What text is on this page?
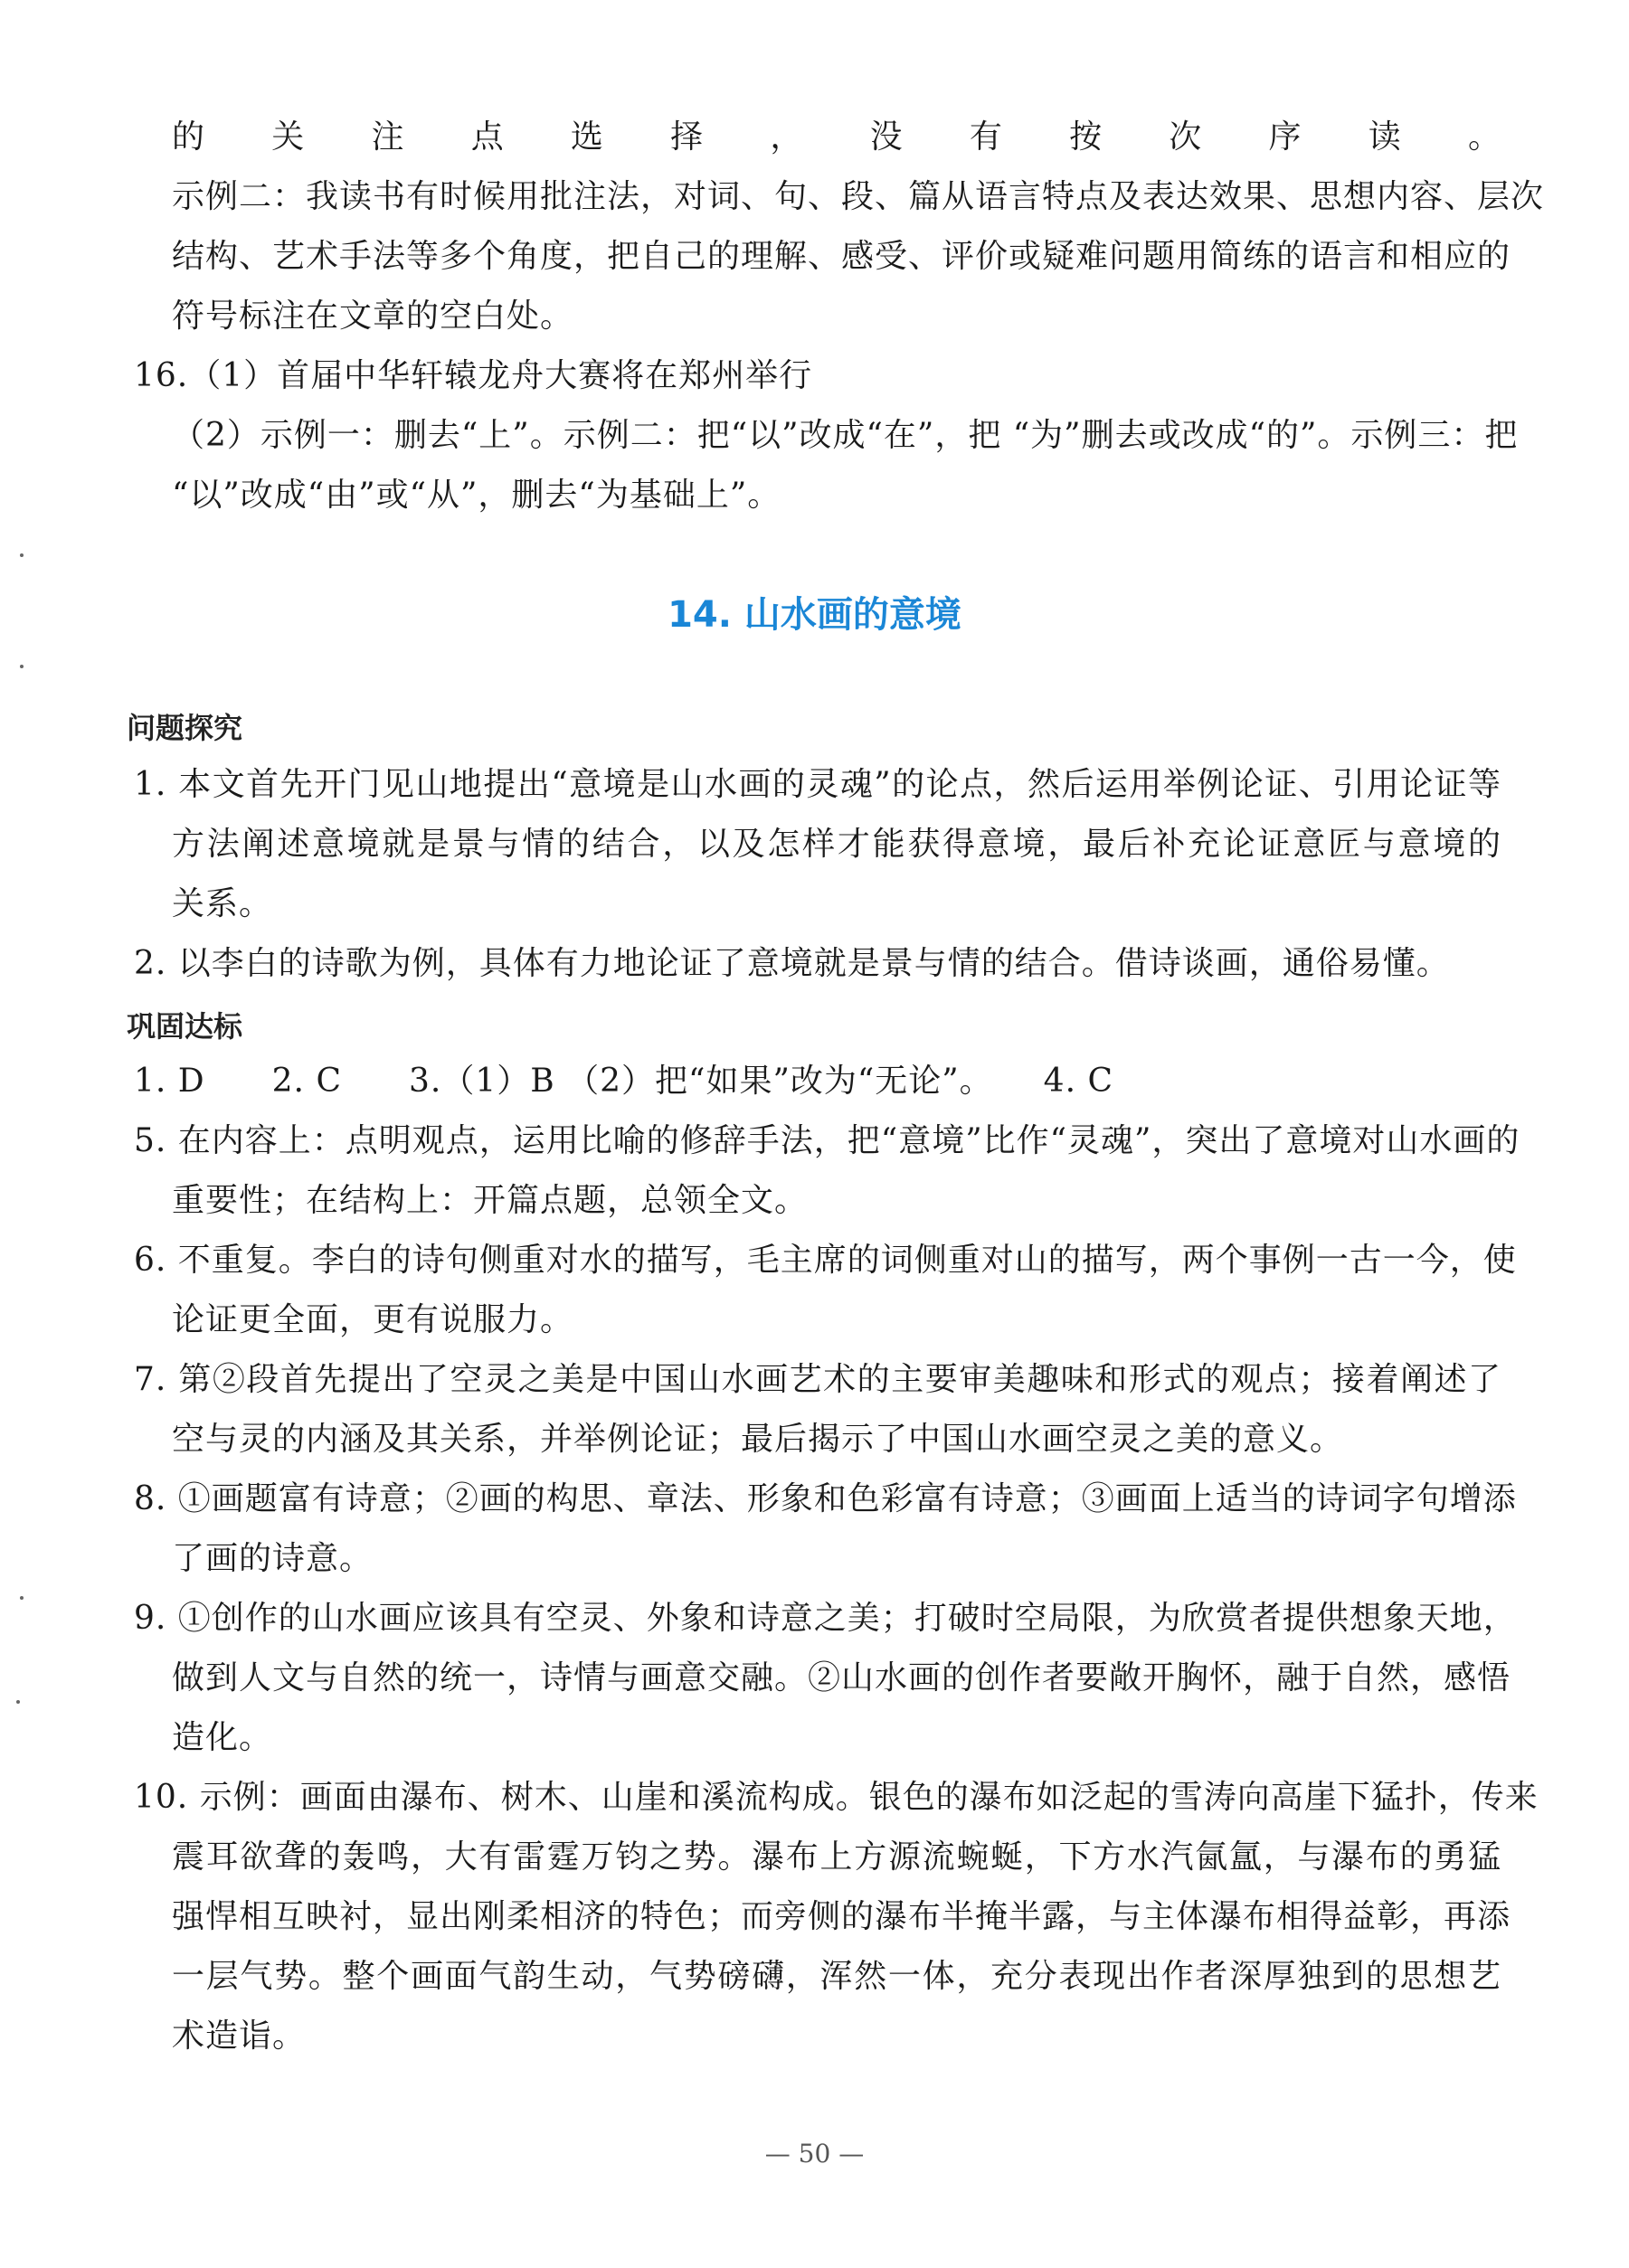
的关注点选择，没有按次序读。
示例二：我读书有时候用批注法，对词、句、段、篇从语言特点及表达效果、思想内容、层次
结构、艺术手法等多个角度，把自己的理解、感受、评价或疑难问题用简练的语言和相应的
符号标注在文章的空白处。
16.（1）首届中华轩辕龙舟大赛将在郑州举行
（2）示例一：删去“上”。示例二：把“以”改成“在”，把 “为”删去或改成“的”。示例三：把
“以”改成“由”或“从”，删去“为基础上”。
14. 山水画的意境
问题探究
1. 本文首先开门见山地提出“意境是山水画的灵魂”的论点，然后运用举例论证、引用论证等
方法阐述意境就是景与情的结合，以及怎样才能获得意境，最后补充论证意匠与意境的
关系。
2. 以李白的诗歌为例，具体有力地论证了意境就是景与情的结合。借诗谈画，通俗易懂。
巩固达标
1. D　　2. C　　3.（1）B （2）把“如果”改为“无论”。　　4. C
5. 在内容上：点明观点，运用比喻的修辞手法，把“意境”比作“灵魂”，突出了意境对山水画的
重要性；在结构上：开篇点题，总领全文。
6. 不重复。李白的诗句侧重对水的描写，毛主席的词侧重对山的描写，两个事例一古一今，使
论证更全面，更有说服力。
7. 第②段首先提出了空灵之美是中国山水画艺术的主要审美趣味和形式的观点；接着阐述了
空与灵的内涵及其关系，并举例论证；最后揭示了中国山水画空灵之美的意义。
8. ①画题富有诗意；②画的构思、章法、形象和色彩富有诗意；③画面上适当的诗词字句增添
了画的诗意。
9. ①创作的山水画应该具有空灵、外象和诗意之美；打破时空局限，为欣赏者提供想象天地，
做到人文与自然的统一，诗情与画意交融。②山水画的创作者要敞开胸怀，融于自然，感悟
造化。
10. 示例：画面由瀑布、树木、山崖和溪流构成。银色的瀑布如泛起的雪涛向高崖下猛扑，传来
震耳欲聋的轰鸣，大有雷霆万钧之势。瀑布上方源流蜿蜒，下方水汽氤氲，与瀑布的勇猛
强悍相互映衬，显出刚柔相济的特色；而旁侧的瀑布半掩半露，与主体瀑布相得益彰，再添
一层气势。整个画面气韵生动，气势磅礴，浑然一体，充分表现出作者深厚独到的思想艺
术造诣。
— 50 —
